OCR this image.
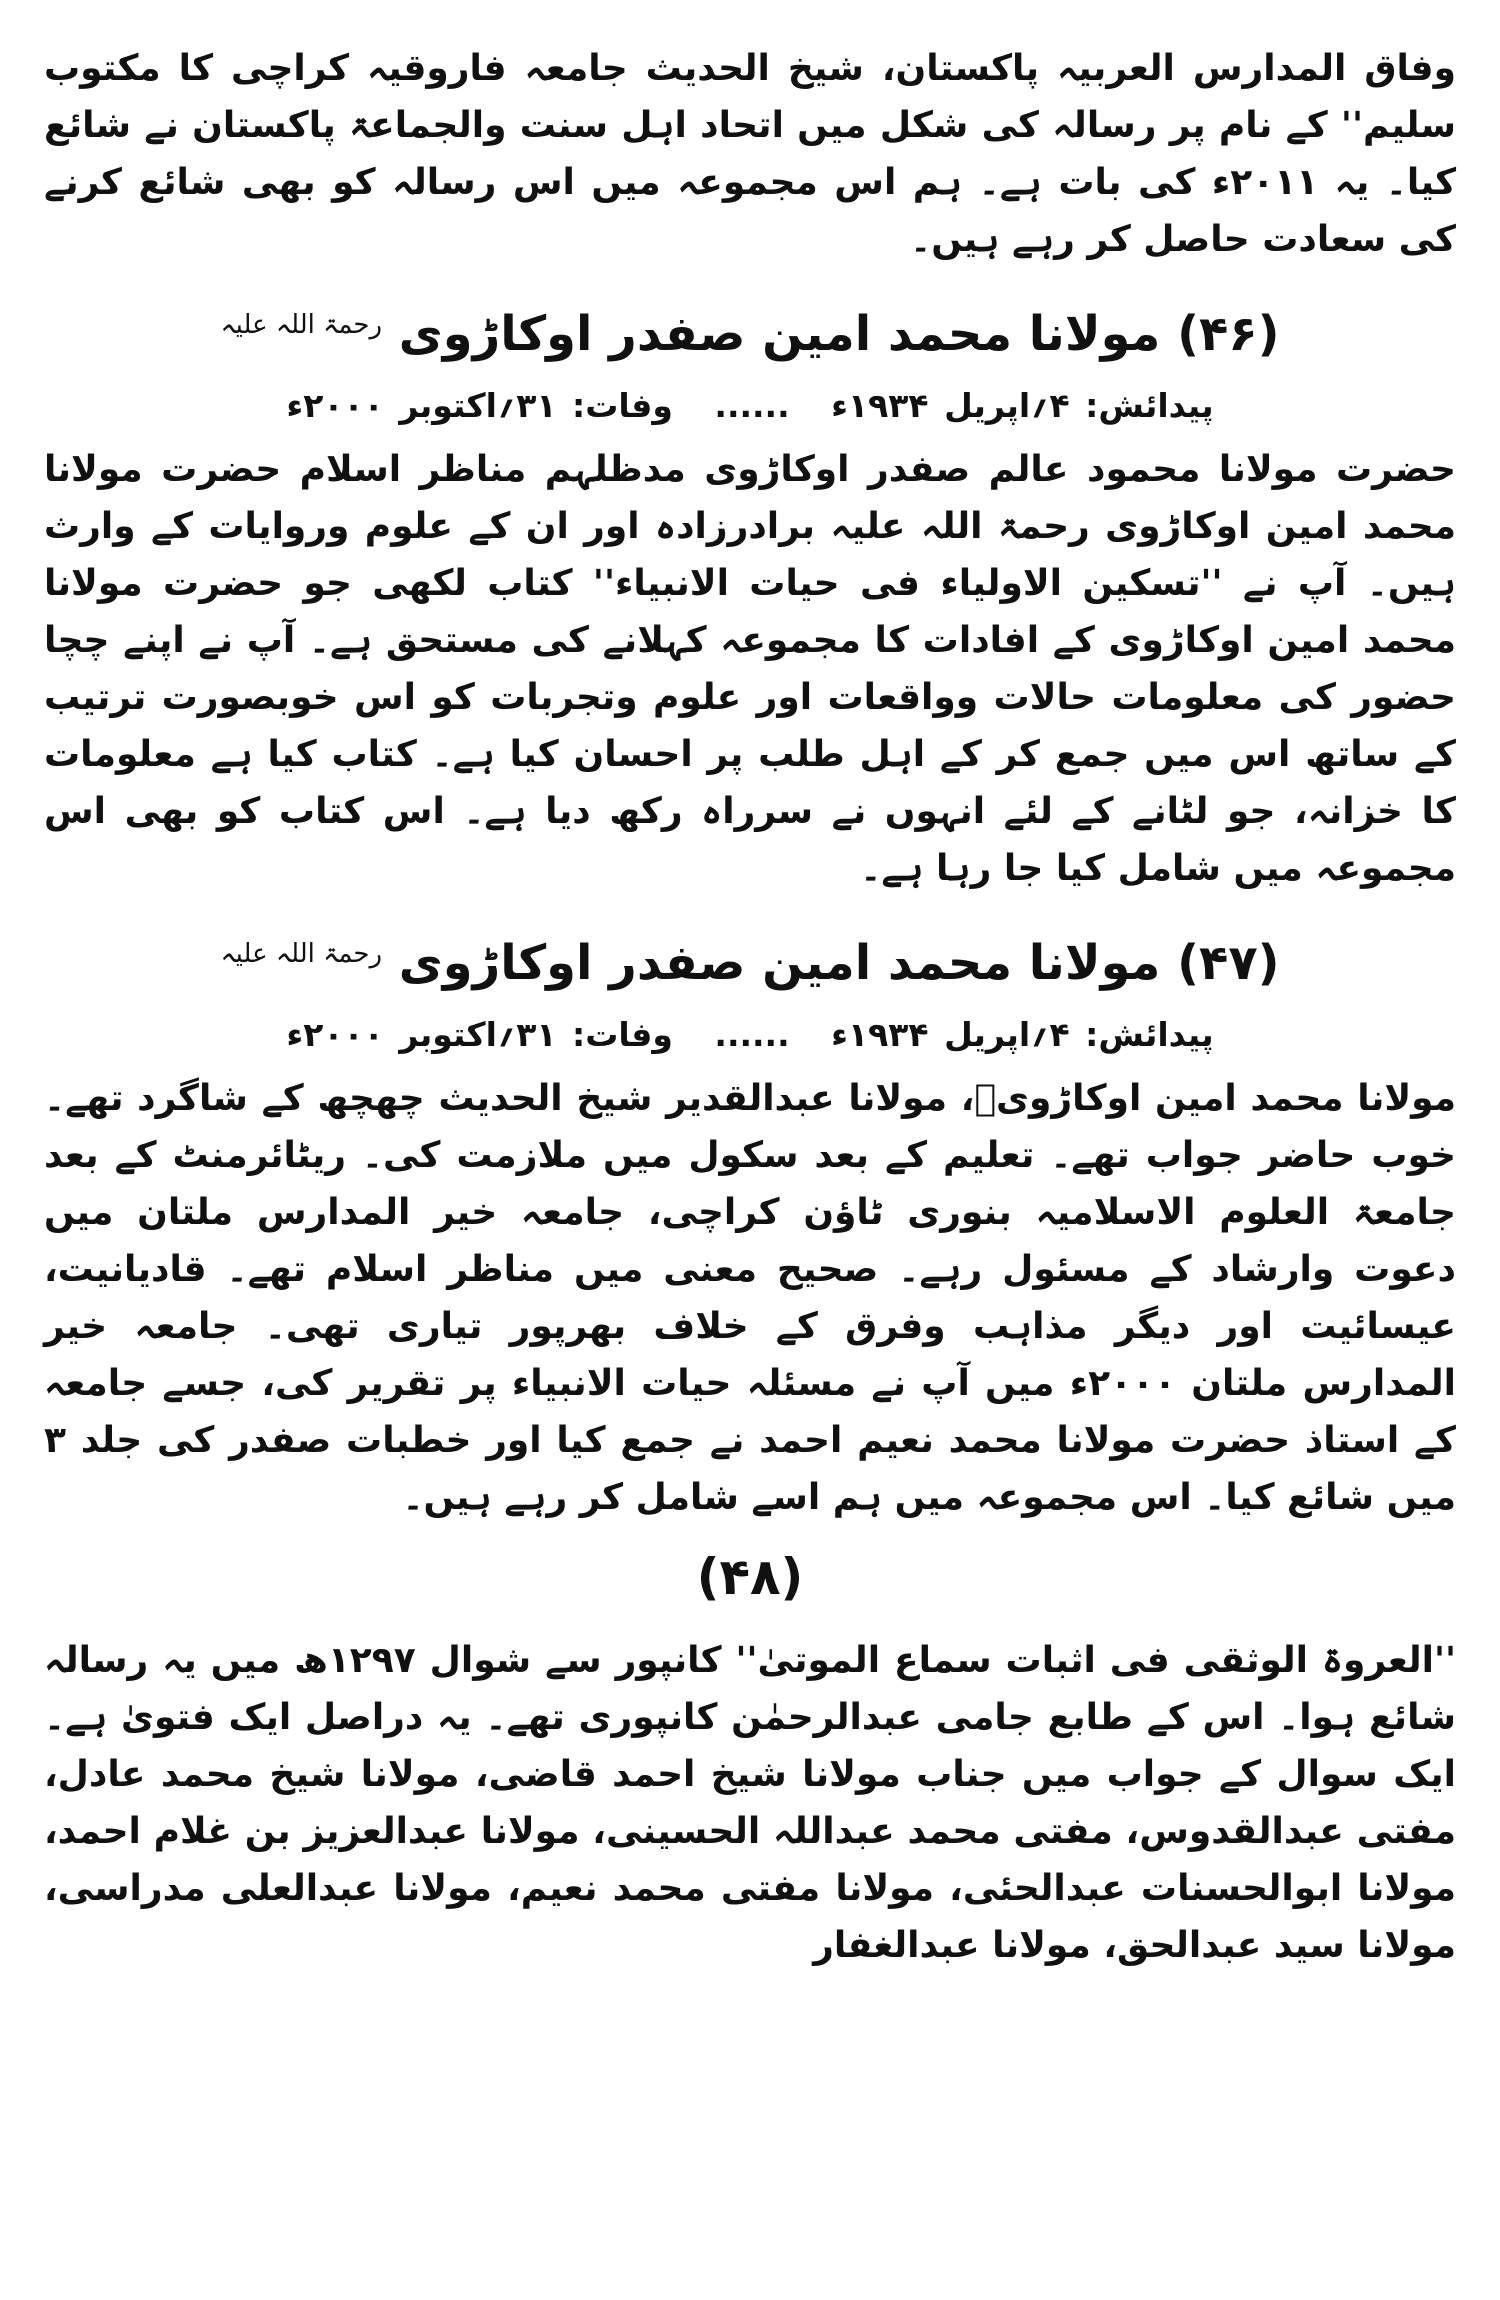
وفاق المدارس العربیہ پاکستان، شیخ الحدیث جامعہ فاروقیہ کراچی کا مکتوب سلیم'' کے نام پر رسالہ کی شکل میں اتحاد اہل سنت والجماعۃ پاکستان نے شائع کیا۔ یہ ۲۰۱۱ء کی بات ہے۔ ہم اس مجموعہ میں اس رسالہ کو بھی شائع کرنے کی سعادت حاصل کر رہے ہیں۔

(۴۶) مولانا محمد امین صفدر اوکاڑوی $^{رحمۃ اللہ علیہ}$
پیدائش: ۴؍اپریل ۱۹۳۴ء ...... وفات: ۳۱؍اکتوبر ۲۰۰۰ء

حضرت مولانا محمود عالم صفدر اوکاڑوی مدظلہم مناظر اسلام حضرت مولانا محمد امین اوکاڑوی رحمۃ اللہ علیہ برادرزادہ اور ان کے علوم وروایات کے وارث ہیں۔ آپ نے ''تسکین الاولیاء فی حیات الانبیاء'' کتاب لکھی جو حضرت مولانا محمد امین اوکاڑوی کے افادات کا مجموعہ کہلانے کی مستحق ہے۔ آپ نے اپنے چچا حضور کی معلومات حالات وواقعات اور علوم وتجربات کو اس خوبصورت ترتیب کے ساتھ اس میں جمع کر کے اہل طلب پر احسان کیا ہے۔ کتاب کیا ہے معلومات کا خزانہ، جو لٹانے کے لئے انہوں نے سرراہ رکھ دیا ہے۔ اس کتاب کو بھی اس مجموعہ میں شامل کیا جا رہا ہے۔

(۴۷) مولانا محمد امین صفدر اوکاڑوی $^{رحمۃ اللہ علیہ}$
پیدائش: ۴؍اپریل ۱۹۳۴ء ...... وفات: ۳۱؍اکتوبر ۲۰۰۰ء

مولانا محمد امین اوکاڑویؒ، مولانا عبدالقدیر شیخ الحدیث چھچھ کے شاگرد تھے۔ خوب حاضر جواب تھے۔ تعلیم کے بعد سکول میں ملازمت کی۔ ریٹائرمنٹ کے بعد جامعۃ العلوم الاسلامیہ بنوری ٹاؤن کراچی، جامعہ خیر المدارس ملتان میں دعوت وارشاد کے مسئول رہے۔ صحیح معنی میں مناظر اسلام تھے۔ قادیانیت، عیسائیت اور دیگر مذاہب وفرق کے خلاف بھرپور تیاری تھی۔ جامعہ خیر المدارس ملتان ۲۰۰۰ء میں آپ نے مسئلہ حیات الانبیاء پر تقریر کی، جسے جامعہ کے استاذ حضرت مولانا محمد نعیم احمد نے جمع کیا اور خطبات صفدر کی جلد ۳ میں شائع کیا۔ اس مجموعہ میں ہم اسے شامل کر رہے ہیں۔

(۴۸)

''العروۃ الوثقی فی اثبات سماع الموتیٰ'' کانپور سے شوال ۱۲۹۷ھ میں یہ رسالہ شائع ہوا۔ اس کے طابع جامی عبدالرحمٰن کانپوری تھے۔ یہ دراصل ایک فتویٰ ہے۔ ایک سوال کے جواب میں جناب مولانا شیخ احمد قاضی، مولانا شیخ محمد عادل، مفتی عبدالقدوس، مفتی محمد عبداللہ الحسینی، مولانا عبدالعزیز بن غلام احمد، مولانا ابوالحسنات عبدالحئی، مولانا مفتی محمد نعیم، مولانا عبدالعلی مدراسی، مولانا سید عبدالحق، مولانا عبدالغفار
